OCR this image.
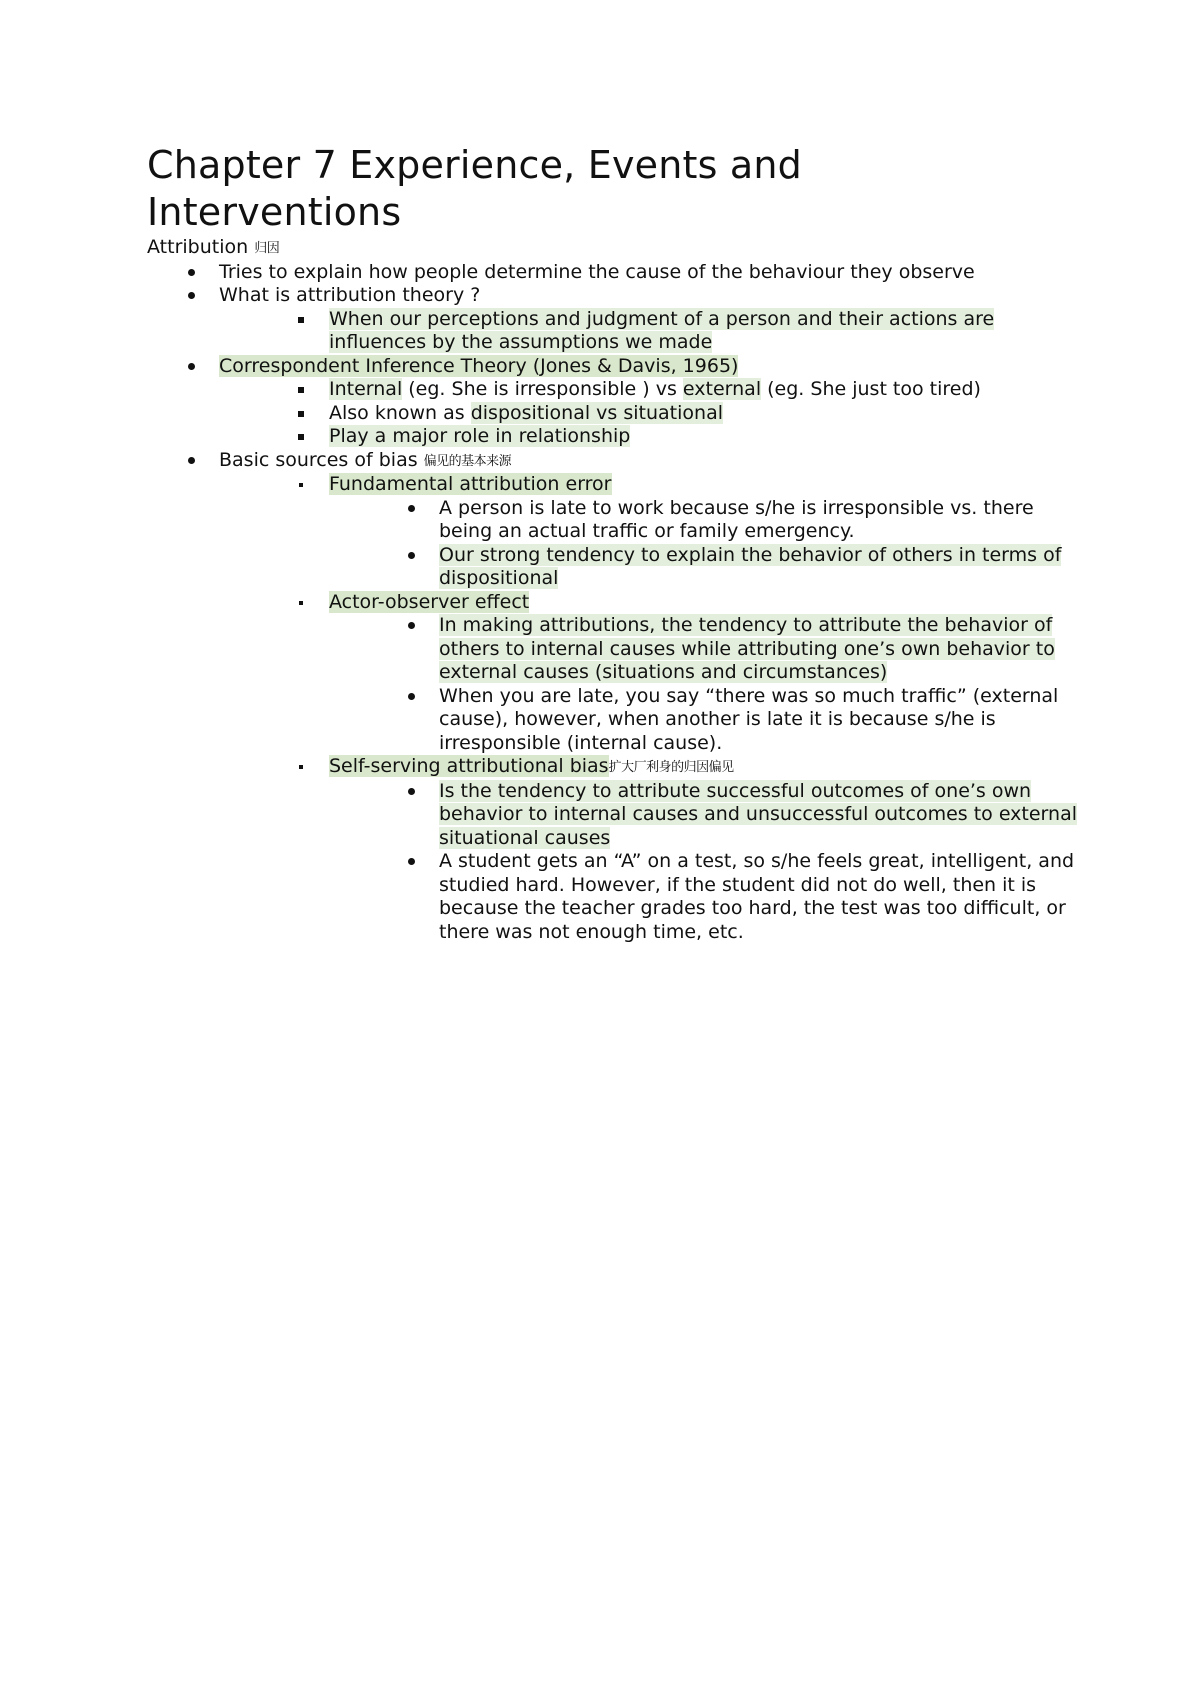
Chapter 7 Experience, Events and Interventions

Attribution 归因

Tries to explain how people determine the cause of the behaviour they observe
What is attribution theory ?
When our perceptions and judgment of a person and their actions are influences by the assumptions we made
Correspondent Inference Theory (Jones & Davis, 1965)
Internal (eg. She is irresponsible ) vs external (eg. She just too tired)
Also known as dispositional vs situational
Play a major role in relationship
Basic sources of bias 偏见的基本来源
Fundamental attribution error
A person is late to work because s/he is irresponsible vs. there being an actual traffic or family emergency.
Our strong tendency to explain the behavior of others in terms of dispositional
Actor-observer effect
In making attributions, the tendency to attribute the behavior of others to internal causes while attributing one’s own behavior to external causes (situations and circumstances)
When you are late, you say “there was so much traffic” (external cause), however, when another is late it is because s/he is irresponsible (internal cause).
Self-serving attributional bias扩大厂利身的归因偏见
Is the tendency to attribute successful outcomes of one’s own behavior to internal causes and unsuccessful outcomes to external situational causes
A student gets an “A” on a test, so s/he feels great, intelligent, and studied hard. However, if the student did not do well, then it is because the teacher grades too hard, the test was too difficult, or there was not enough time, etc.
